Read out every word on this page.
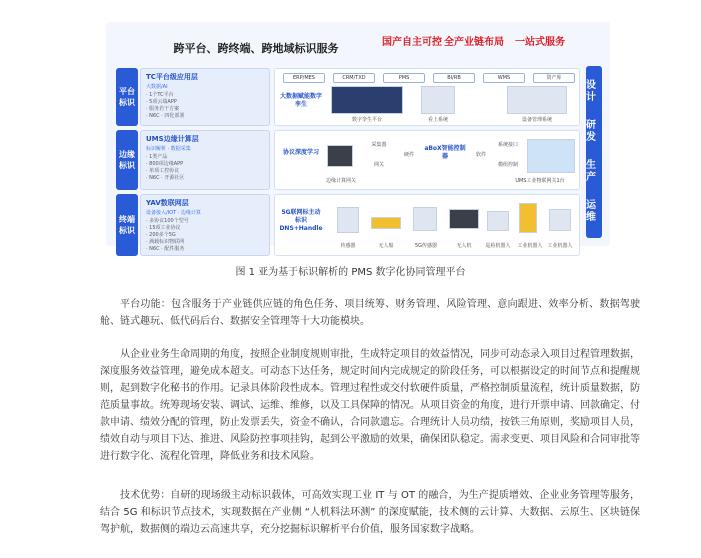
跨平台、跨终端、跨地域标识服务	国产自主可控 全产业链布局	一站式服务
平台标识
TC平台级应用层
大数据/AI
· 1个TC平台
· 5项云端APP
· 服务若干方案
· N6C · 四化部署
ERP/MES	CRM/TXD	PMS	BI/RB	WMS	资产库
大数据赋能数字孪生
数字孪生平台	看上系统	设备管理系统
边缘标识
UMS边缘计算层
标识解析 · 数据采集
· 1类产品
· 800项边缘APP
· 单项工控协议
· N6C · 开源社区
协议深度学习
边缘计算网关
采集器
网关
硬件
aBoX智能控制器	软件
系统接口
模组控制
UMS工业物联网关1台
终端标识
YAV数联网层
设备接入/IOT · 边缘计算
· 多协议100个型号
· 15项工业协议
· 200多个5G
· 满载标识物联网
· N6C · 配件服务
5G联网标主动标识DNS+Handle
传感器	无人船	5G传感器	无人机	巡检机器人	工业机器人 工业机器人
设计
研发
生产
运维
图 1 亚为基于标识解析的 PMS 数字化协同管理平台

平台功能：包含服务于产业链供应链的角色任务、项目统筹、财务管理、风险管理、意向跟进、效率分析、数据驾驶舱、链式趣玩、低代码后台、数据安全管理等十大功能模块。

从企业业务生命周期的角度，按照企业制度规则审批，生成特定项目的效益情况，同步可动态录入项目过程管理数据，深度服务效益管理，避免成本超支。可动态下达任务，规定时间内完成规定的阶段任务，可以根据设定的时间节点和提醒规则，起到数字化秘书的作用。记录具体阶段性成本。管理过程性或交付软硬件质量，严格控制质量流程，统计质量数据，防范质量事故。统筹现场安装、调试、运维、维修，以及工具保障的情况。从项目资金的角度，进行开票申请、回款确定、付款申请、绩效分配的管理，防止发票丢失，资金不确认，合同款遗忘。合理统计人员功绩，按铁三角原则，奖励项目人员，绩效自动与项目下达、推进、风险防控事项挂钩，起到公平激励的效果，确保团队稳定。需求变更、项目风险和合同审批等进行数字化、流程化管理，降低业务和技术风险。

技术优势：自研的现场级主动标识载体，可高效实现工业 IT 与 OT 的融合，为生产提质增效、企业业务管理等服务，结合 5G 和标识节点技术，实现数据在产业侧 “人机料法环测” 的深度赋能，技术侧的云计算、大数据、云原生、区块链保驾护航，数据侧的端边云高速共享，充分挖掘标识解析平台价值，服务国家数字战略。
